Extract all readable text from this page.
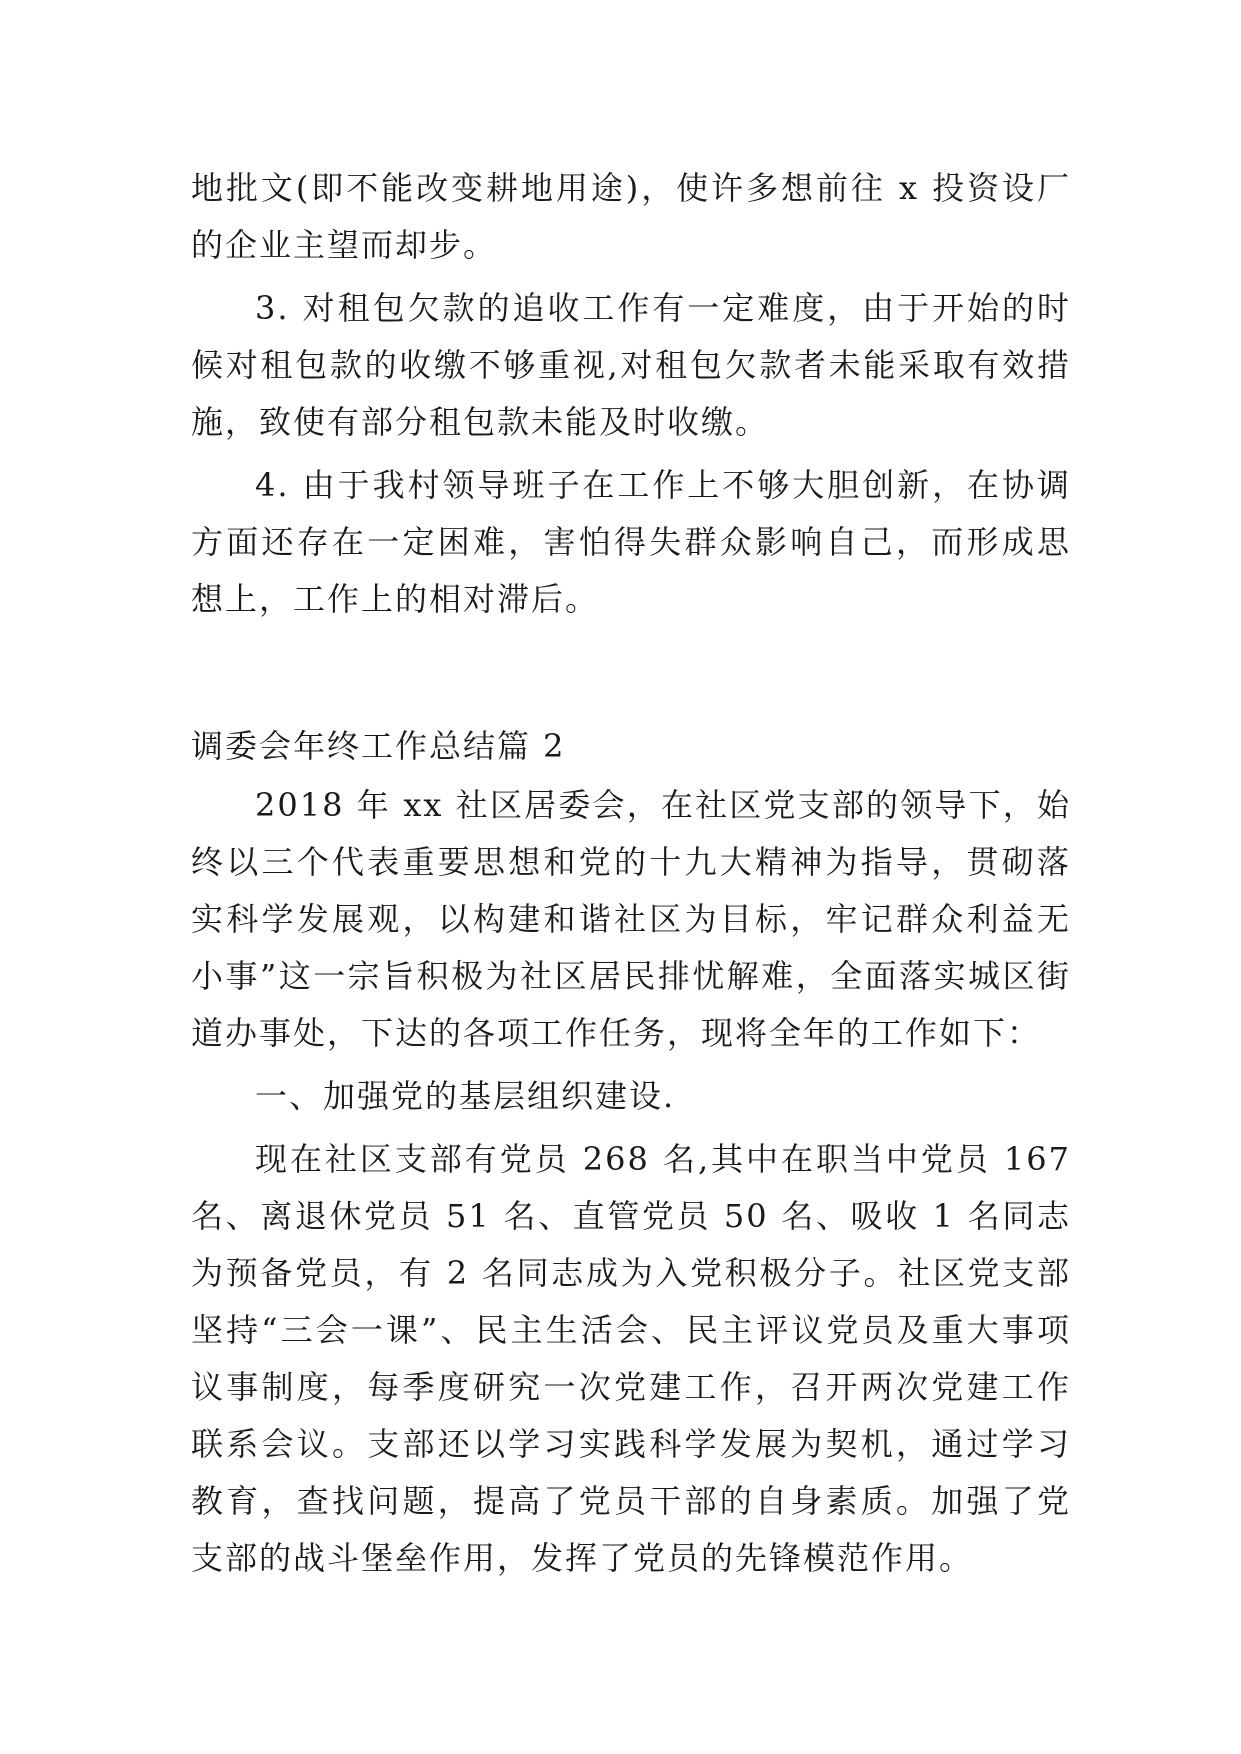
地批文(即不能改变耕地用途)，使许多想前往 x 投资设厂的企业主望而却步。

3. 对租包欠款的追收工作有一定难度，由于开始的时候对租包款的收缴不够重视,对租包欠款者未能采取有效措施，致使有部分租包款未能及时收缴。

4. 由于我村领导班子在工作上不够大胆创新，在协调方面还存在一定困难，害怕得失群众影响自己，而形成思想上，工作上的相对滞后。

调委会年终工作总结篇 2

2018 年 xx 社区居委会，在社区党支部的领导下，始终以三个代表重要思想和党的十九大精神为指导，贯砌落实科学发展观，以构建和谐社区为目标，牢记群众利益无小事”这一宗旨积极为社区居民排忧解难，全面落实城区街道办事处，下达的各项工作任务，现将全年的工作如下：

一、加强党的基层组织建设.

现在社区支部有党员 268 名,其中在职当中党员 167 名、离退休党员 51 名、直管党员 50 名、吸收 1 名同志为预备党员，有 2 名同志成为入党积极分子。社区党支部坚持“三会一课”、民主生活会、民主评议党员及重大事项议事制度，每季度研究一次党建工作，召开两次党建工作联系会议。支部还以学习实践科学发展为契机，通过学习教育，查找问题，提高了党员干部的自身素质。加强了党支部的战斗堡垒作用，发挥了党员的先锋模范作用。
